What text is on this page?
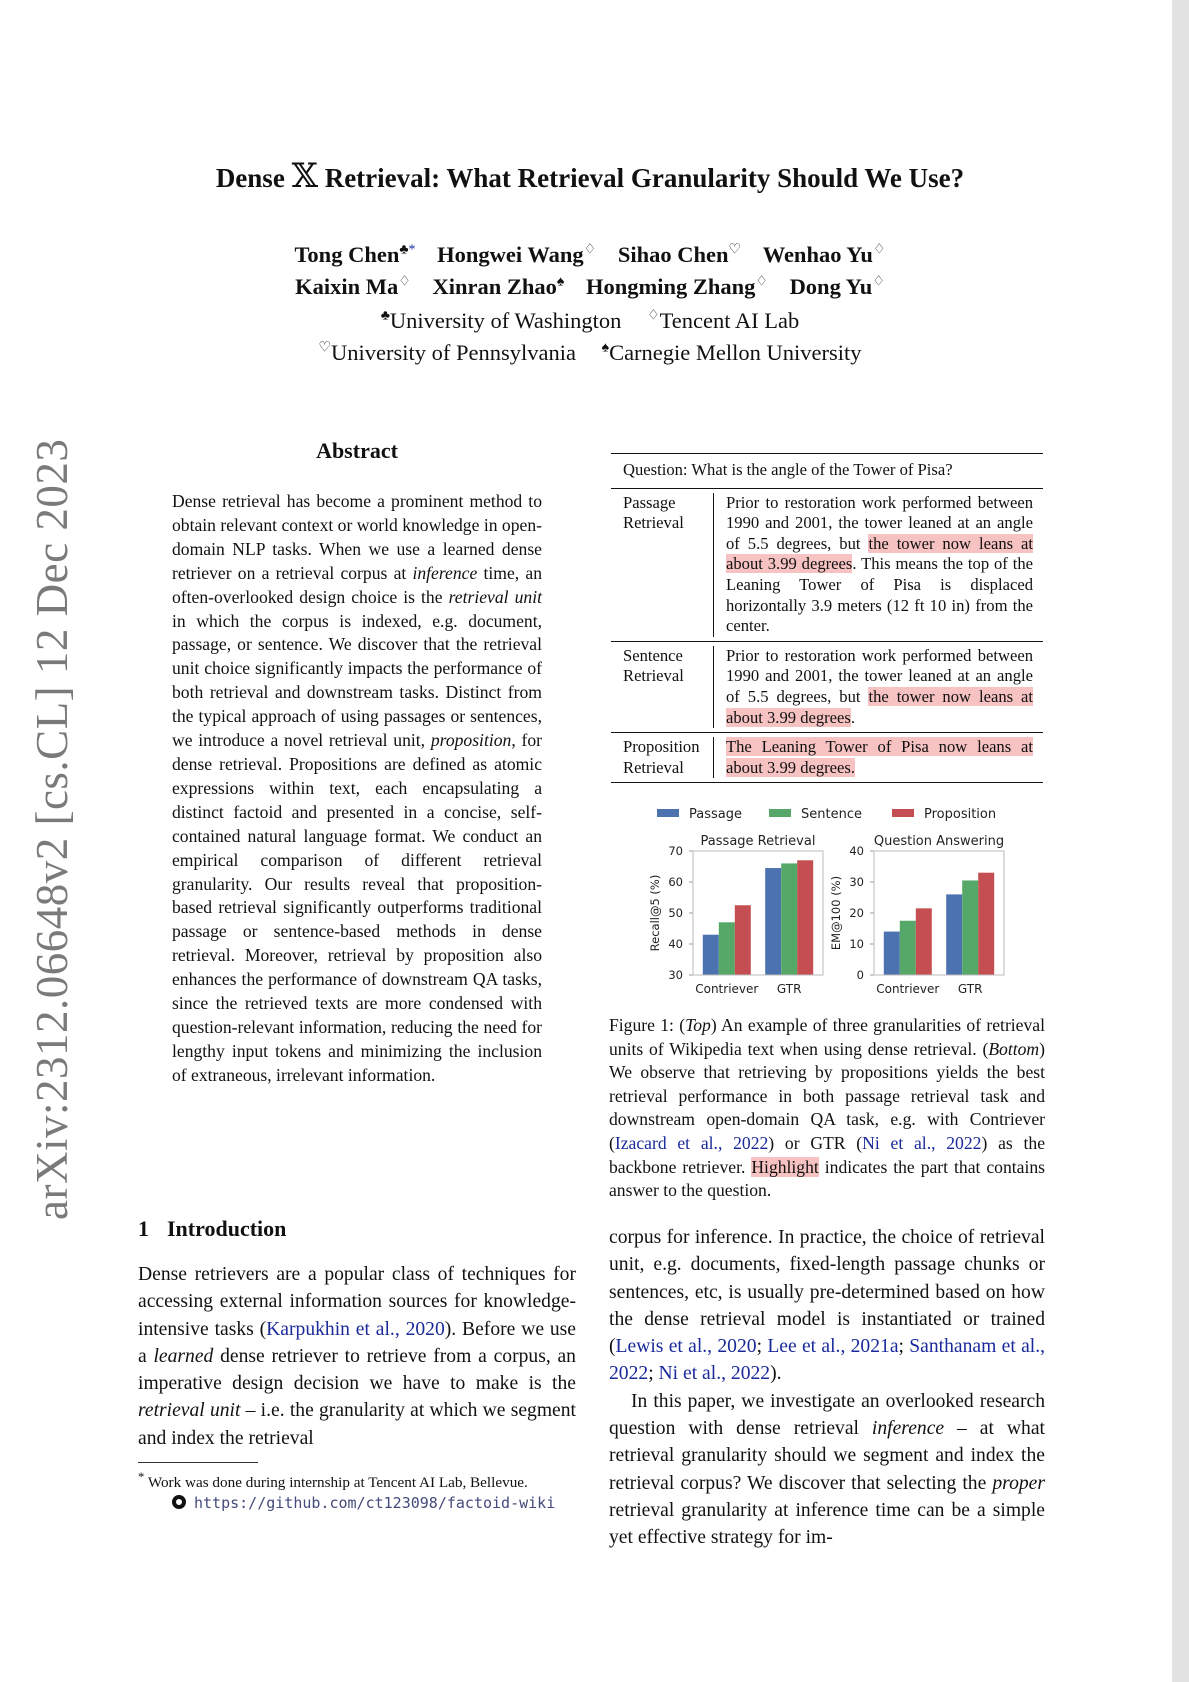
arXiv:2312.06648v2 [cs.CL] 12 Dec 2023
Dense 𝕏 Retrieval: What Retrieval Granularity Should We Use?
Tong Chen♣* Hongwei Wang♢ Sihao Chen♡ Wenhao Yu♢
Kaixin Ma♢ Xinran Zhao♠ Hongming Zhang♢ Dong Yu♢
♣University of Washington ♢Tencent AI Lab
♡University of Pennsylvania ♠Carnegie Mellon University
Abstract
Dense retrieval has become a prominent method to obtain relevant context or world knowledge in open-domain NLP tasks. When we use a learned dense retriever on a retrieval corpus at inference time, an often-overlooked design choice is the retrieval unit in which the corpus is indexed, e.g. document, passage, or sentence. We discover that the retrieval unit choice significantly impacts the performance of both retrieval and downstream tasks. Distinct from the typical approach of using passages or sentences, we introduce a novel retrieval unit, proposition, for dense retrieval. Propositions are defined as atomic expressions within text, each encapsulating a distinct factoid and presented in a concise, self-contained natural language format. We conduct an empirical comparison of different retrieval granularity. Our results reveal that proposition-based retrieval significantly outperforms traditional passage or sentence-based methods in dense retrieval. Moreover, retrieval by proposition also enhances the performance of downstream QA tasks, since the retrieved texts are more condensed with question-relevant information, reducing the need for lengthy input tokens and minimizing the inclusion of extraneous, irrelevant information.
1 Introduction
Dense retrievers are a popular class of techniques for accessing external information sources for knowledge-intensive tasks (Karpukhin et al., 2020). Before we use a learned dense retriever to retrieve from a corpus, an imperative design decision we have to make is the retrieval unit – i.e. the granularity at which we segment and index the retrieval
* Work was done during internship at Tencent AI Lab, Bellevue.
https://github.com/ct123098/factoid-wiki
Question: What is the angle of the Tower of Pisa?
Passage Retrieval
Prior to restoration work performed between 1990 and 2001, the tower leaned at an angle of 5.5 degrees, but the tower now leans at about 3.99 degrees. This means the top of the Leaning Tower of Pisa is displaced horizontally 3.9 meters (12 ft 10 in) from the center.
Sentence Retrieval
Prior to restoration work performed between 1990 and 2001, the tower leaned at an angle of 5.5 degrees, but the tower now leans at about 3.99 degrees.
Proposition Retrieval
The Leaning Tower of Pisa now leans at about 3.99 degrees.
Passage	Sentence	Proposition
Passage Retrieval
30
40
50
60
70
Recall@5 (%)
Contriever GTR
Question Answering
0
10
20
30
40
EM@100 (%)
Contriever GTR
Figure 1: (Top) An example of three granularities of retrieval units of Wikipedia text when using dense retrieval. (Bottom) We observe that retrieving by propositions yields the best retrieval performance in both passage retrieval task and downstream open-domain QA task, e.g. with Contriever (Izacard et al., 2022) or GTR (Ni et al., 2022) as the backbone retriever. Highlight indicates the part that contains answer to the question.
corpus for inference. In practice, the choice of retrieval unit, e.g. documents, fixed-length passage chunks or sentences, etc, is usually pre-determined based on how the dense retrieval model is instantiated or trained (Lewis et al., 2020; Lee et al., 2021a; Santhanam et al., 2022; Ni et al., 2022).
In this paper, we investigate an overlooked research question with dense retrieval inference – at what retrieval granularity should we segment and index the retrieval corpus? We discover that selecting the proper retrieval granularity at inference time can be a simple yet effective strategy for im-
